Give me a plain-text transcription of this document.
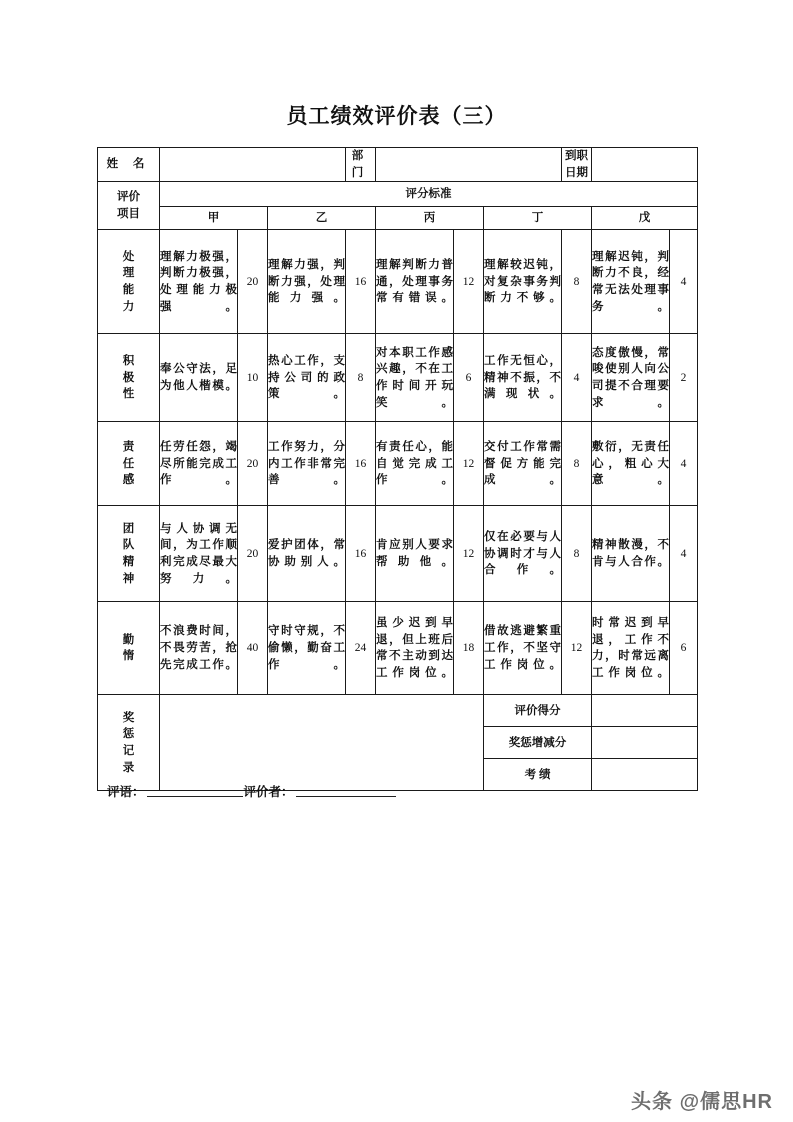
员工绩效评价表（三）
姓 名				部 门				到职日期		

评价
项目	评分标准									
	甲		乙		丙		丁		戊	

处
理
能
力	理解力极强，判断力极强，处理能力极强。	20	理解力强，判断力强，处理能力强。	16	理解判断力普通，处理事务常有错误。	12	理解较迟钝，对复杂事务判断力不够。	8	理解迟钝，判断力不良，经常无法处理事务。	4

积
极
性	奉公守法，足为他人楷模。	10	热心工作，支持公司的政策。	8	对本职工作感兴趣，不在工作时间开玩笑。	6	工作无恒心，精神不振，不满现状。	4	态度傲慢，常唆使别人向公司提不合理要求。	2

责
任
感	任劳任怨，竭尽所能完成工作。	20	工作努力，分内工作非常完善。	16	有责任心，能自觉完成工作。	12	交付工作常需督促方能完成。	8	敷衍，无责任心，粗心大意。	4

团
队
精
神	与人协调无间，为工作顺利完成尽最大努力。	20	爱护团体，常协助别人。	16	肯应别人要求帮助他。	12	仅在必要与人协调时才与人合作。	8	精神散漫，不肯与人合作。	4

勤
惰	不浪费时间，不畏劳苦，抢先完成工作。	40	守时守规，不偷懒，勤奋工作。	24	虽少迟到早退，但上班后常不主动到达工作岗位。	18	借故逃避繁重工作，不坚守工作岗位。	12	时常迟到早退，工作不力，时常远离工作岗位。	6

奖
惩
记
录							评价得分			
							奖惩增减分			
							考 绩			
评语：	评价者：
头条 @儒思HR
